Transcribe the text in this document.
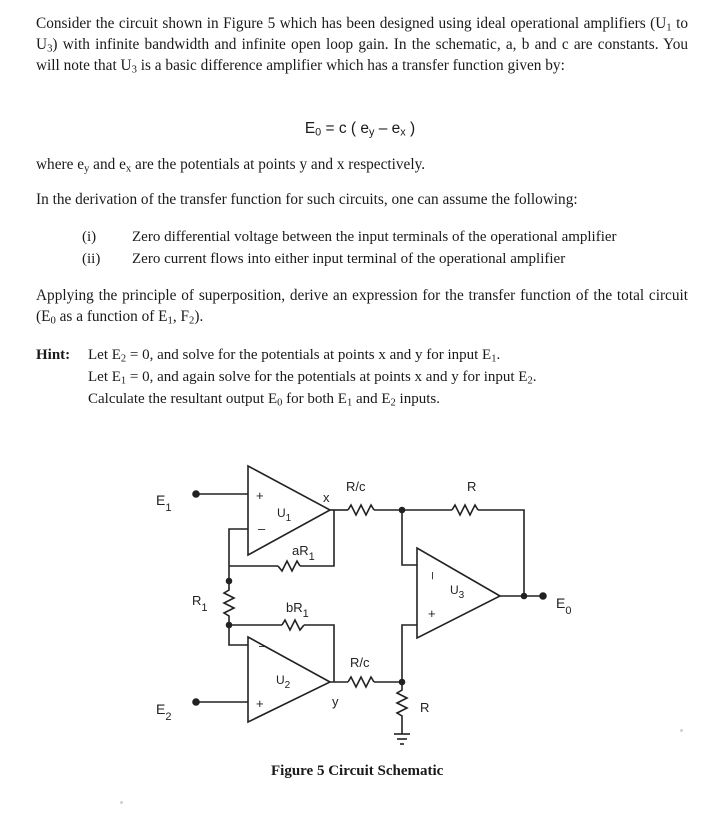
Consider the circuit shown in Figure 5 which has been designed using ideal operational amplifiers ($U_1$ to $U_3$) with infinite bandwidth and infinite open loop gain. In the schematic, a, b and c are constants. You will note that $U_3$ is a basic difference amplifier which has a transfer function given by:
$E_0 = c$ ( $e_y - e_x$ )
where $e_y$ and $e_x$ are the potentials at points y and x respectively.
In the derivation of the transfer function for such circuits, one can assume the following:
(i)	Zero differential voltage between the input terminals of the operational amplifier
(ii)	Zero current flows into either input terminal of the operational amplifier
Applying the principle of superposition, derive an expression for the transfer function of the total circuit ($E_0$ as a function of $E_1$, $F_2$).
Hint: Let $E_2 = 0$, and solve for the potentials at points x and y for input $E_1$.
Let $E_1 = 0$, and again solve for the potentials at points x and y for input $E_2$.
Calculate the resultant output $E_0$ for both $E_1$ and $E_2$ inputs.
$E_1$
+
–
$U_1$
x
$aR_1$
$R_1$	$bR_1$
–
+
$U_2$
$E_2$
y
R/c	R
–
+
$U_3$	$E_0$
R/c
R
Figure 5 Circuit Schematic
